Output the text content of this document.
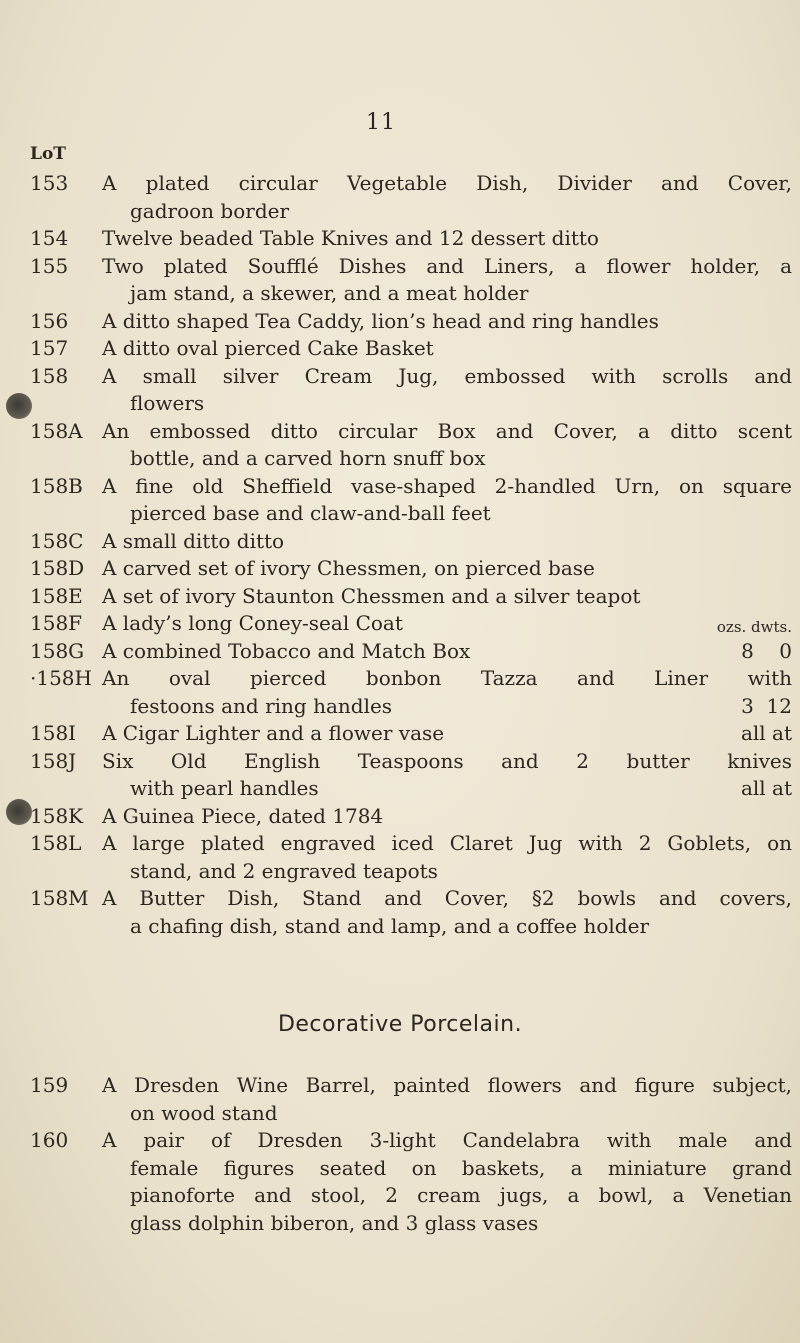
11
LoT
153	A plated circular Vegetable Dish, Divider and Cover,
gadroon border
154	Twelve beaded Table Knives and 12 dessert ditto
155	Two plated Soufflé Dishes and Liners, a flower holder, a
jam stand, a skewer, and a meat holder
156	A ditto shaped Tea Caddy, lion’s head and ring handles
157	A ditto oval pierced Cake Basket
158	A small silver Cream Jug, embossed with scrolls and
flowers
158A An embossed ditto circular Box and Cover, a ditto scent
bottle, and a carved horn snuff box
158B A fine old Sheffield vase-shaped 2-handled Urn, on square
pierced base and claw-and-ball feet
158C A small ditto ditto
158D A carved set of ivory Chessmen, on pierced base
158E A set of ivory Staunton Chessmen and a silver teapot
158F A lady’s long Coney-seal Coat	ozs. dwts.
158G A combined Tobacco and Match Box	8    0
·158H An oval pierced bonbon Tazza and Liner with
festoons and ring handles	3  12
158I	A Cigar Lighter and a flower vase	all at
158J	Six Old English Teaspoons and 2 butter knives
with pearl handles	all at
158K A Guinea Piece, dated 1784
158L	A large plated engraved iced Claret Jug with 2 Goblets, on
stand, and 2 engraved teapots
158M A Butter Dish, Stand and Cover, §2 bowls and covers,
a chafing dish, stand and lamp, and a coffee holder
Decorative Porcelain.
159	A Dresden Wine Barrel, painted flowers and figure subject,
on wood stand
160	A pair of Dresden 3-light Candelabra with male and
female figures seated on baskets, a miniature grand
pianoforte and stool, 2 cream jugs, a bowl, a Venetian
glass dolphin biberon, and 3 glass vases
